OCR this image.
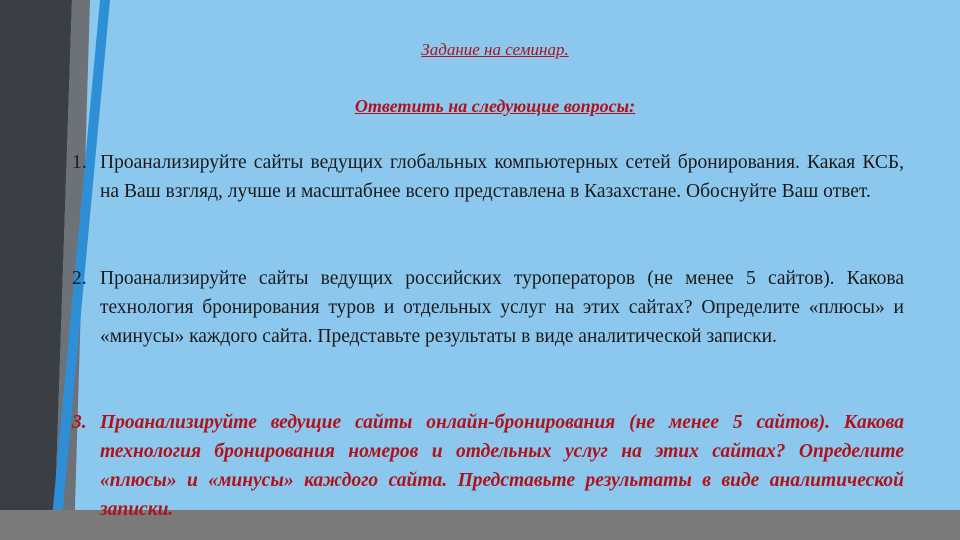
Задание на семинар.
Ответить на следующие вопросы:
1. Проанализируйте сайты ведущих глобальных компьютерных сетей бронирования. Какая КСБ, на Ваш взгляд, лучше и масштабнее всего представлена в Казахстане. Обоснуйте Ваш ответ.
2. Проанализируйте сайты ведущих российских туроператоров (не менее 5 сайтов). Какова технология бронирования туров и отдельных услуг на этих сайтах? Определите «плюсы» и «минусы» каждого сайта. Представьте результаты в виде аналитической записки.
3. Проанализируйте ведущие сайты онлайн-бронирования (не менее 5 сайтов). Какова технология бронирования номеров и отдельных услуг на этих сайтах? Определите «плюсы» и «минусы» каждого сайта. Представьте результаты в виде аналитической записки.
